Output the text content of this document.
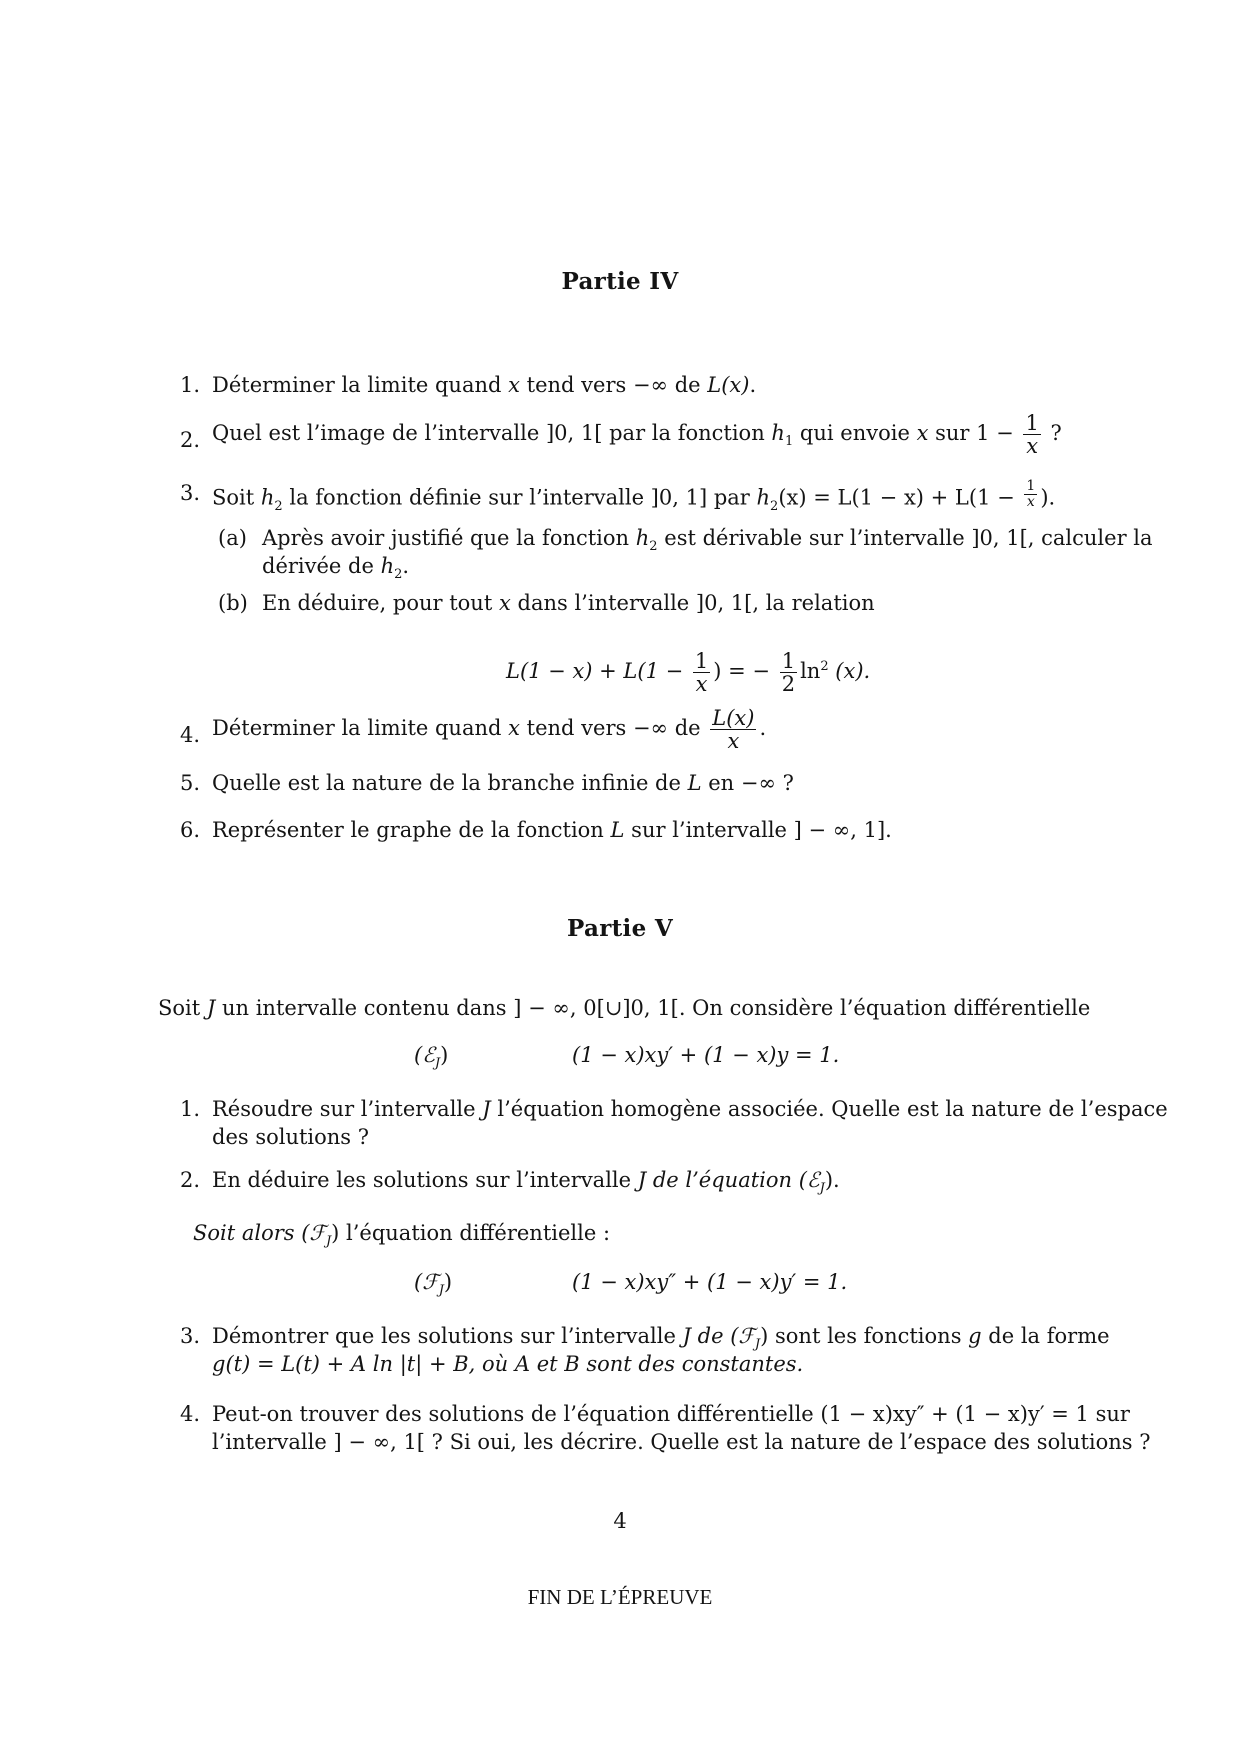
Partie IV
1. Déterminer la limite quand x tend vers −∞ de L(x).
2. Quel est l’image de l’intervalle ]0, 1[ par la fonction $h_1$ qui envoie x sur $1 - \frac{1}{x}$ ?
3. Soit $h_2$ la fonction définie sur l’intervalle ]0, 1] par $h_2(x) = L(1 - x) + L(1 - \frac{1}{x}$ ).
(a) Après avoir justifié que la fonction $h_2$ est dérivable sur l’intervalle ]0, 1[, calculer la
dérivée de $h_2$.
(b) En déduire, pour tout x dans l’intervalle ]0, 1[, la relation
$L(1 - x) + L(1 - \frac{1}{x}$ ) = − $\frac{1}{2} \ln^2 (x)$.
4. Déterminer la limite quand x tend vers −∞ de $\frac{L(x)}{x}$ .
5. Quelle est la nature de la branche infinie de L en −∞ ?
6. Représenter le graphe de la fonction L sur l’intervalle ] − ∞, 1].
Partie V
Soit J un intervalle contenu dans ] − ∞, 0[∪]0, 1[. On considère l’équation différentielle
(ℰ$_J$)	(1 − x)xy′ + (1 − x)y = 1.
1. Résoudre sur l’intervalle J l’équation homogène associée. Quelle est la nature de l’espace
des solutions ?
2. En déduire les solutions sur l’intervalle J de l’équation (ℰ$_J$).
Soit alors (ℱ$_J$) l’équation différentielle :
(ℱ$_J$)	(1 − x)xy″ + (1 − x)y′ = 1.
3. Démontrer que les solutions sur l’intervalle J de (ℱ$_J$) sont les fonctions g de la forme
g(t) = L(t) + A ln |t| + B, où A et B sont des constantes.
4. Peut-on trouver des solutions de l’équation différentielle (1 − x)xy″ + (1 − x)y′ = 1 sur
l’intervalle ] − ∞, 1[ ? Si oui, les décrire. Quelle est la nature de l’espace des solutions ?
4
FIN DE L’ÉPREUVE
